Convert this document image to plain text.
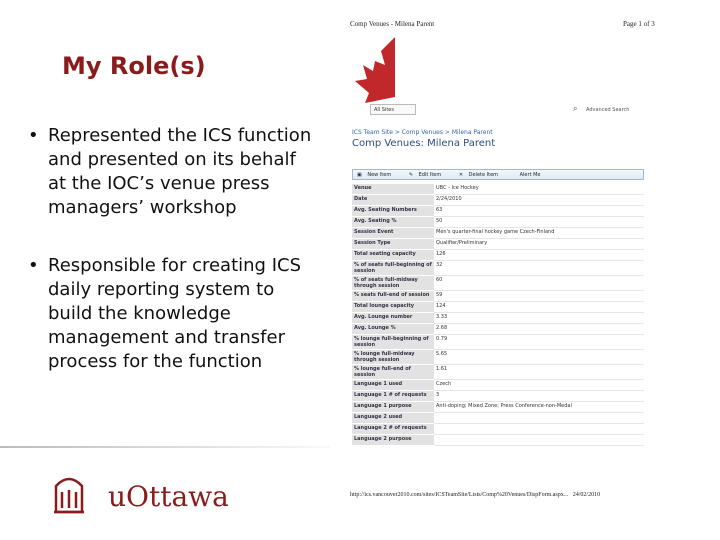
My Role(s)
• Represented the ICS function and presented on its behalf at the IOC’s venue press managers’ workshop
• Responsible for creating ICS daily reporting system to build the knowledge management and transfer process for the function
uOttawa
Comp Venues - Milena Parent	Page 1 of 3
All Sites	⌕ Advanced Search
ICS Team Site > Comp Venues > Milena Parent
Comp Venues: Milena Parent
▣ New Item	✎ Edit Item	✕ Delete Item	Alert Me
Venue	UBC - Ice Hockey
Date	2/24/2010
Avg. Seating Numbers	63
Avg. Seating %	50
Session Event	Men's quarter-final hockey game Czech-Finland
Session Type	Qualifier/Preliminary
Total seating capacity	126
% of seats full-beginning of session	32
% of seats full-midway through session	60
% seats full-end of session	59
Total lounge capacity	124
Avg. Lounge number	3.33
Avg. Lounge %	2.68
% lounge full-beginning of session	0.79
% lounge full-midway through session	5.65
% lounge full-end of session	1.61
Language 1 used	Czech
Language 1 # of requests	3
Language 1 purpose	Anti-doping; Mixed Zone; Press Conference-non-Medal
Language 2 used	
Language 2 # of requests	
Language 2 purpose	
http://ics.vancouver2010.com/sites/ICSTeamSite/Lists/Comp%20Venues/DispForm.aspx... 24/02/2010
